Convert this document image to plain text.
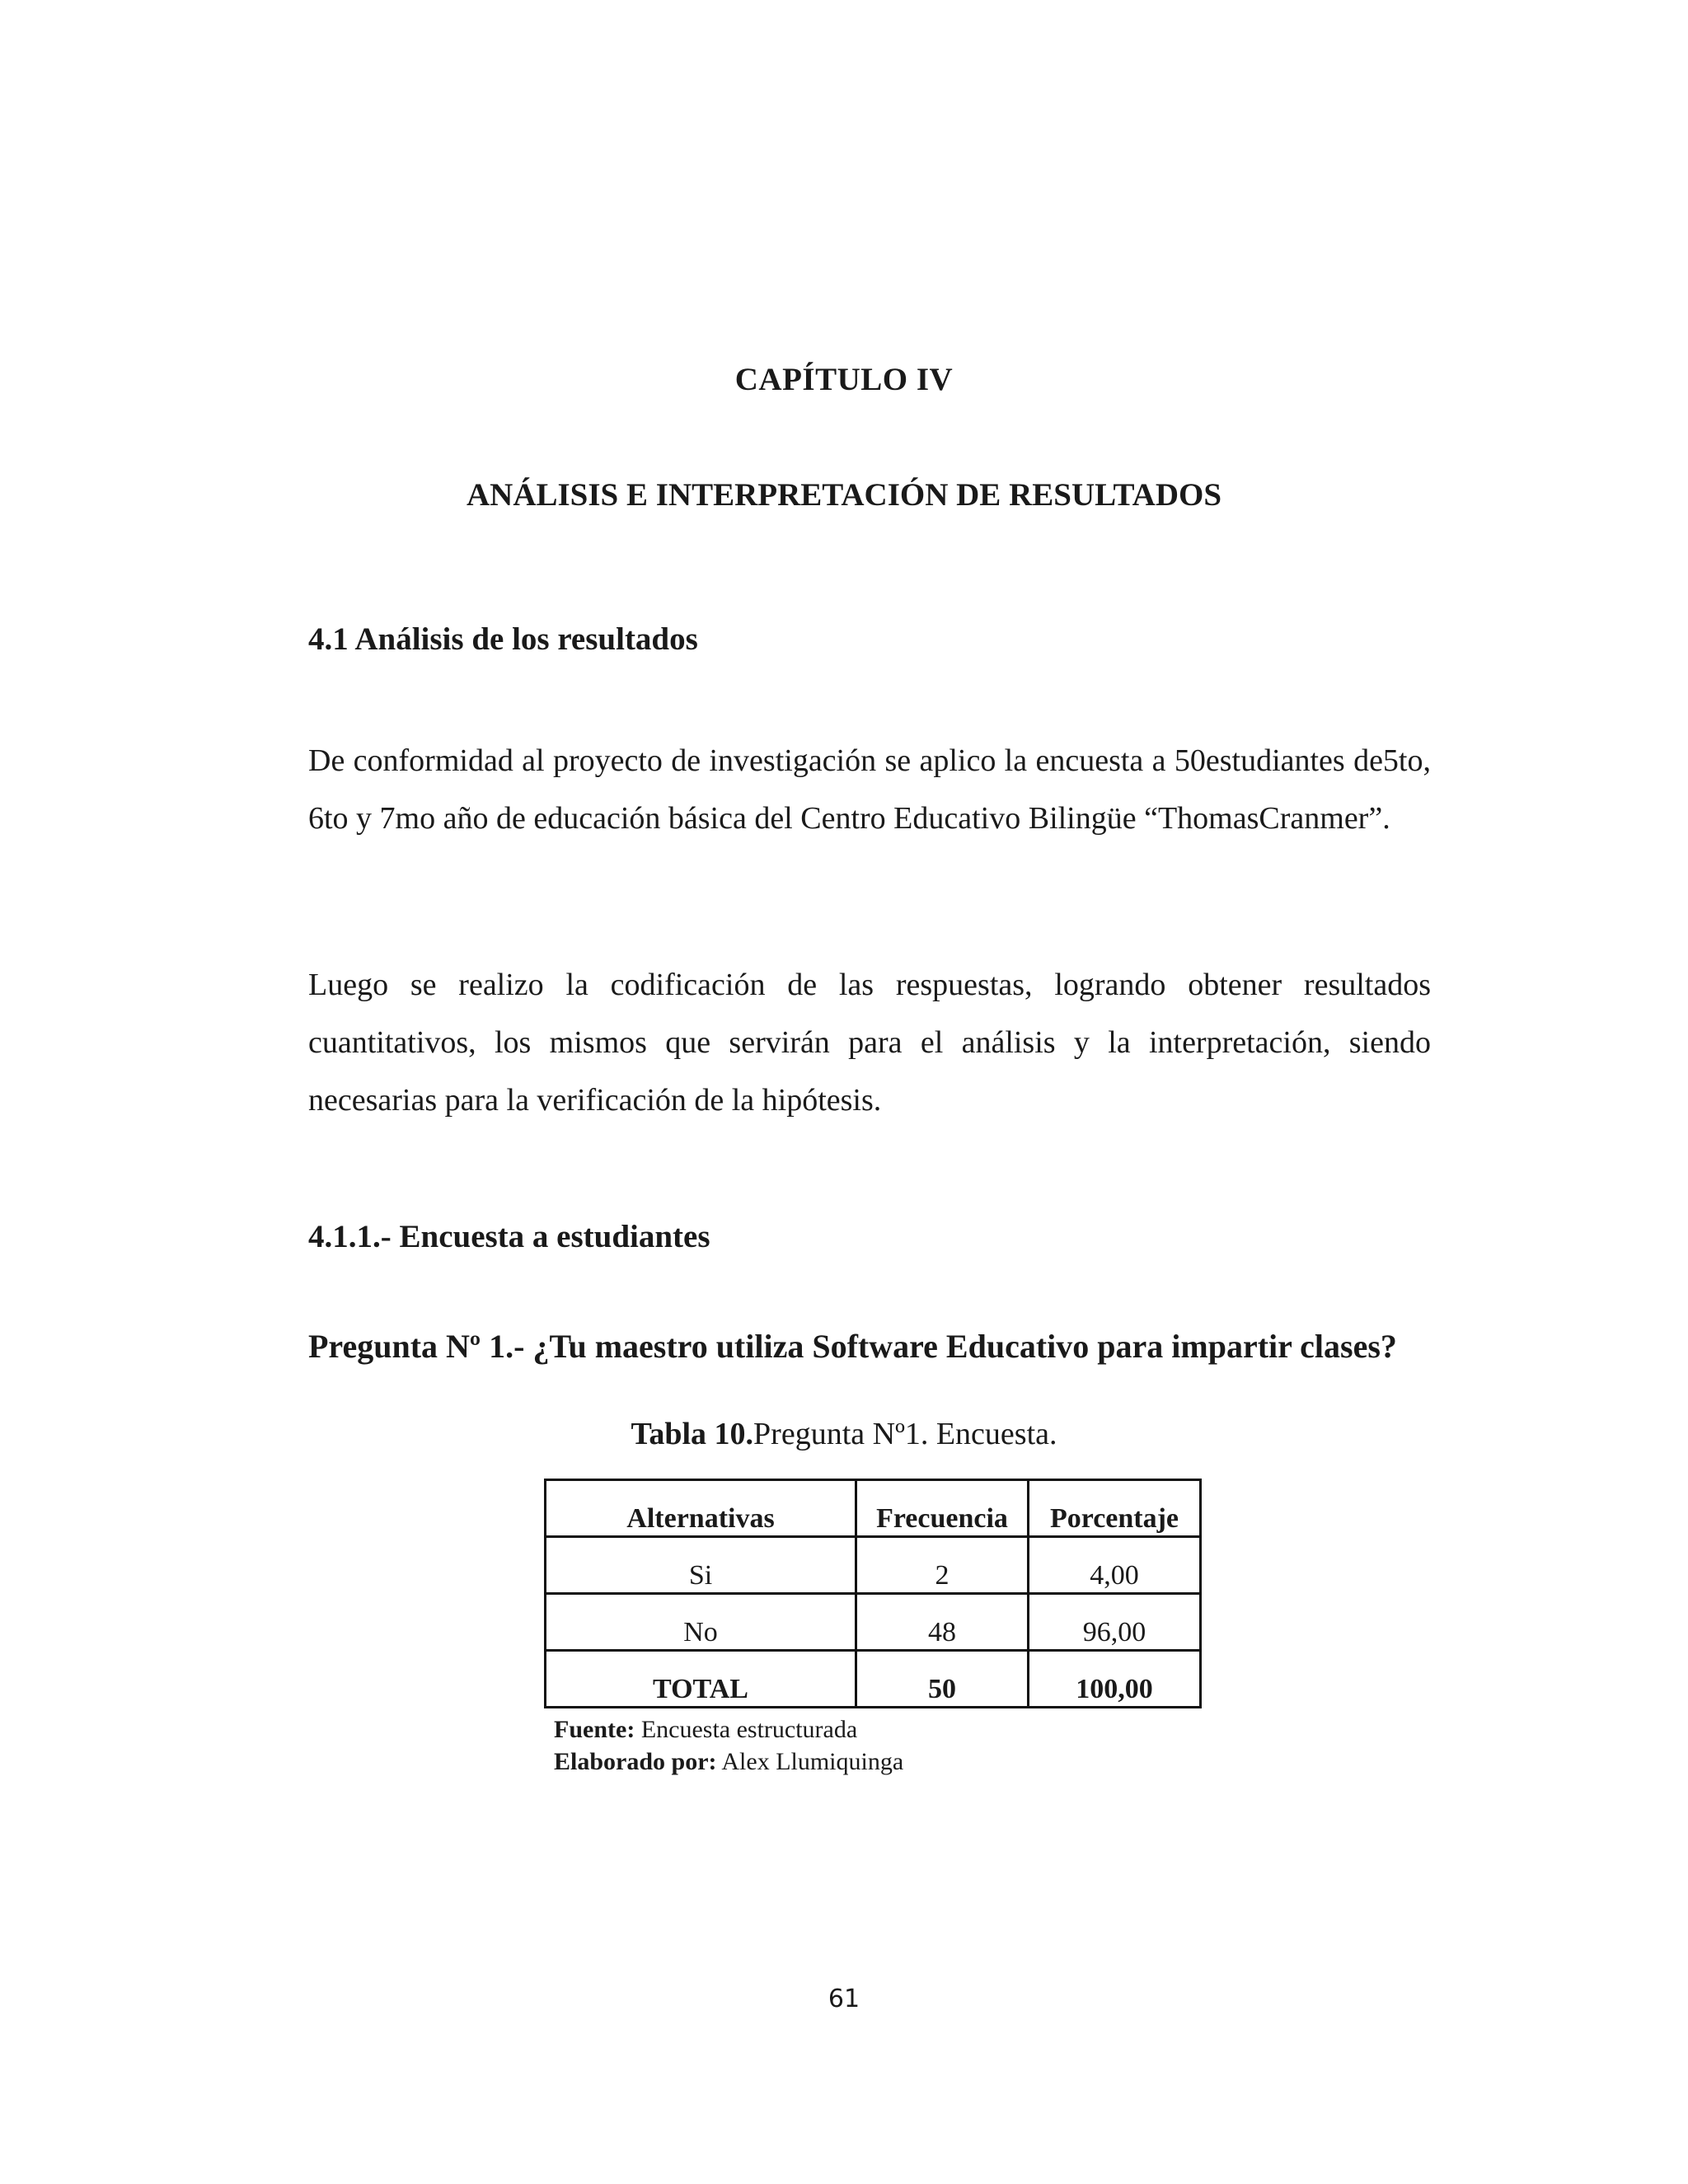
CAPÍTULO IV
ANÁLISIS E INTERPRETACIÓN DE RESULTADOS
4.1 Análisis de los resultados
De conformidad al proyecto de investigación se aplico la encuesta a 50estudiantes de5to, 6to y 7mo año de educación básica del Centro Educativo Bilingüe “ThomasCranmer”.
Luego se realizo la codificación de las respuestas, logrando obtener resultados cuantitativos, los mismos que servirán para el análisis y la interpretación, siendo necesarias para la verificación de la hipótesis.
4.1.1.- Encuesta a estudiantes
Pregunta Nº 1.- ¿Tu maestro utiliza Software Educativo para impartir clases?
Tabla 10.Pregunta Nº1. Encuesta.
Alternativas	Frecuencia	Porcentaje
Si	2	4,00
No	48	96,00
TOTAL	50	100,00
Fuente: Encuesta estructurada
Elaborado por: Alex Llumiquinga
61
